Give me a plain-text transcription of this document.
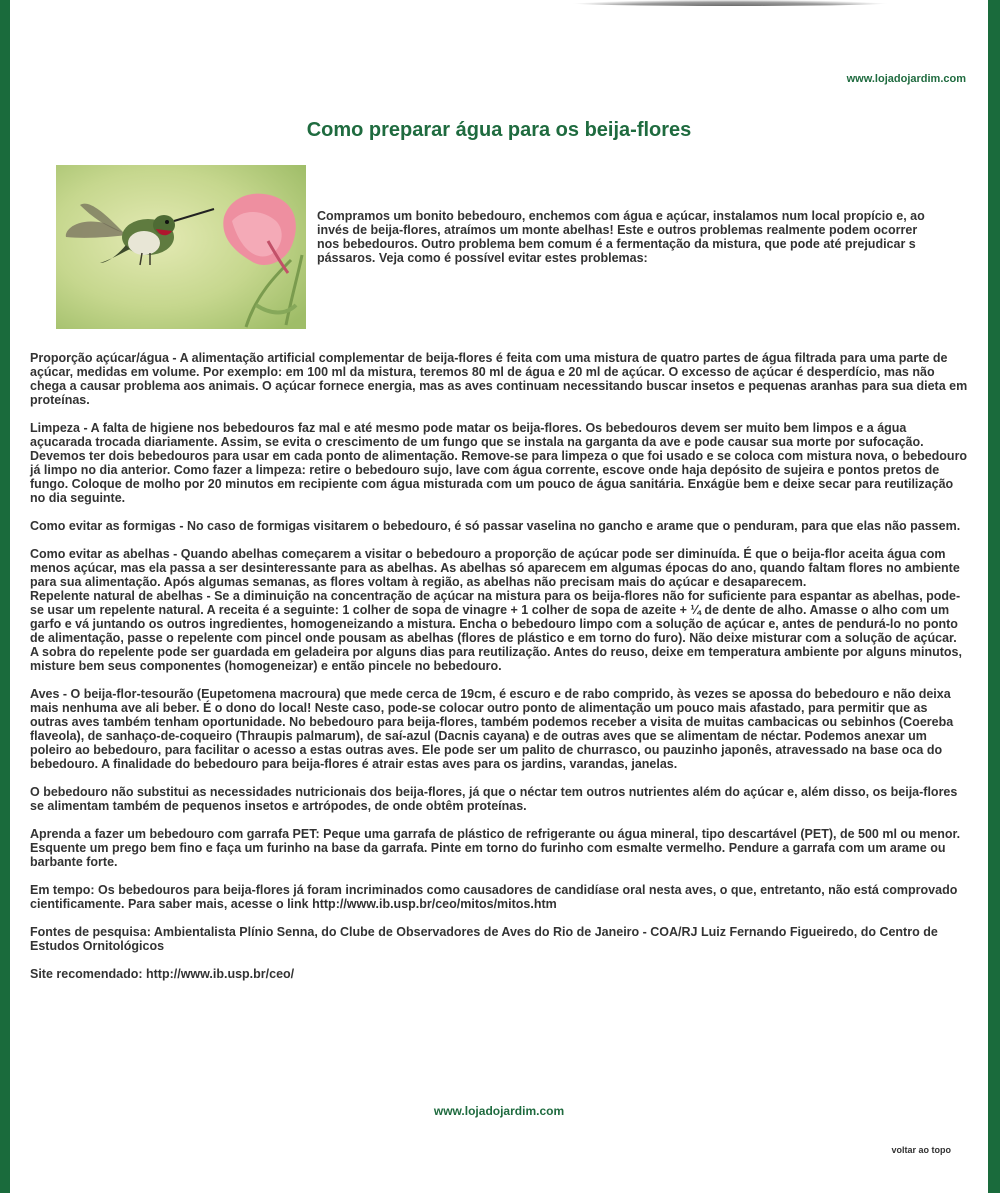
www.lojadojardim.com
Como preparar água para os beija-flores

Compramos um bonito bebedouro, enchemos com água e açúcar, instalamos num local propício e, ao invés de beija-flores, atraímos um monte abelhas! Este e outros problemas realmente podem ocorrer nos bebedouros. Outro problema bem comum é a fermentação da mistura, que pode até prejudicar s pássaros. Veja como é possível evitar estes problemas:

Proporção açúcar/água - A alimentação artificial complementar de beija-flores é feita com uma mistura de quatro partes de água filtrada para uma parte de açúcar, medidas em volume. Por exemplo: em 100 ml da mistura, teremos 80 ml de água e 20 ml de açúcar. O excesso de açúcar é desperdício, mas não chega a causar problema aos animais. O açúcar fornece energia, mas as aves continuam necessitando buscar insetos e pequenas aranhas para sua dieta em proteínas.

Limpeza - A falta de higiene nos bebedouros faz mal e até mesmo pode matar os beija-flores. Os bebedouros devem ser muito bem limpos e a água açucarada trocada diariamente. Assim, se evita o crescimento de um fungo que se instala na garganta da ave e pode causar sua morte por sufocação. Devemos ter dois bebedouros para usar em cada ponto de alimentação. Remove-se para limpeza o que foi usado e se coloca com mistura nova, o bebedouro já limpo no dia anterior. Como fazer a limpeza: retire o bebedouro sujo, lave com água corrente, escove onde haja depósito de sujeira e pontos pretos de fungo. Coloque de molho por 20 minutos em recipiente com água misturada com um pouco de água sanitária. Enxágüe bem e deixe secar para reutilização no dia seguinte.

Como evitar as formigas - No caso de formigas visitarem o bebedouro, é só passar vaselina no gancho e arame que o penduram, para que elas não passem.

Como evitar as abelhas - Quando abelhas começarem a visitar o bebedouro a proporção de açúcar pode ser diminuída. É que o beija-flor aceita água com menos açúcar, mas ela passa a ser desinteressante para as abelhas. As abelhas só aparecem em algumas épocas do ano, quando faltam flores no ambiente para sua alimentação. Após algumas semanas, as flores voltam à região, as abelhas não precisam mais do açúcar e desaparecem.

Repelente natural de abelhas - Se a diminuição na concentração de açúcar na mistura para os beija-flores não for suficiente para espantar as abelhas, pode-se usar um repelente natural. A receita é a seguinte: 1 colher de sopa de vinagre + 1 colher de sopa de azeite + ¼ de dente de alho. Amasse o alho com um garfo e vá juntando os outros ingredientes, homogeneizando a mistura. Encha o bebedouro limpo com a solução de açúcar e, antes de pendurá-lo no ponto de alimentação, passe o repelente com pincel onde pousam as abelhas (flores de plástico e em torno do furo). Não deixe misturar com a solução de açúcar. A sobra do repelente pode ser guardada em geladeira por alguns dias para reutilização. Antes do reuso, deixe em temperatura ambiente por alguns minutos, misture bem seus componentes (homogeneizar) e então pincele no bebedouro.

Aves - O beija-flor-tesourão (Eupetomena macroura) que mede cerca de 19cm, é escuro e de rabo comprido, às vezes se apossa do bebedouro e não deixa mais nenhuma ave ali beber. É o dono do local! Neste caso, pode-se colocar outro ponto de alimentação um pouco mais afastado, para permitir que as outras aves também tenham oportunidade. No bebedouro para beija-flores, também podemos receber a visita de muitas cambacicas ou sebinhos (Coereba flaveola), de sanhaço-de-coqueiro (Thraupis palmarum), de saí-azul (Dacnis cayana) e de outras aves que se alimentam de néctar. Podemos anexar um poleiro ao bebedouro, para facilitar o acesso a estas outras aves. Ele pode ser um palito de churrasco, ou pauzinho japonês, atravessado na base oca do bebedouro. A finalidade do bebedouro para beija-flores é atrair estas aves para os jardins, varandas, janelas.

O bebedouro não substitui as necessidades nutricionais dos beija-flores, já que o néctar tem outros nutrientes além do açúcar e, além disso, os beija-flores se alimentam também de pequenos insetos e artrópodes, de onde obtêm proteínas.

Aprenda a fazer um bebedouro com garrafa PET: Peque uma garrafa de plástico de refrigerante ou água mineral, tipo descartável (PET), de 500 ml ou menor. Esquente um prego bem fino e faça um furinho na base da garrafa. Pinte em torno do furinho com esmalte vermelho. Pendure a garrafa com um arame ou barbante forte.

Em tempo: Os bebedouros para beija-flores já foram incriminados como causadores de candidíase oral nesta aves, o que, entretanto, não está comprovado cientificamente. Para saber mais, acesse o link http://www.ib.usp.br/ceo/mitos/mitos.htm

Fontes de pesquisa: Ambientalista Plínio Senna, do Clube de Observadores de Aves do Rio de Janeiro - COA/RJ Luiz Fernando Figueiredo, do Centro de Estudos Ornitológicos

Site recomendado: http://www.ib.usp.br/ceo/

www.lojadojardim.com
voltar ao topo
